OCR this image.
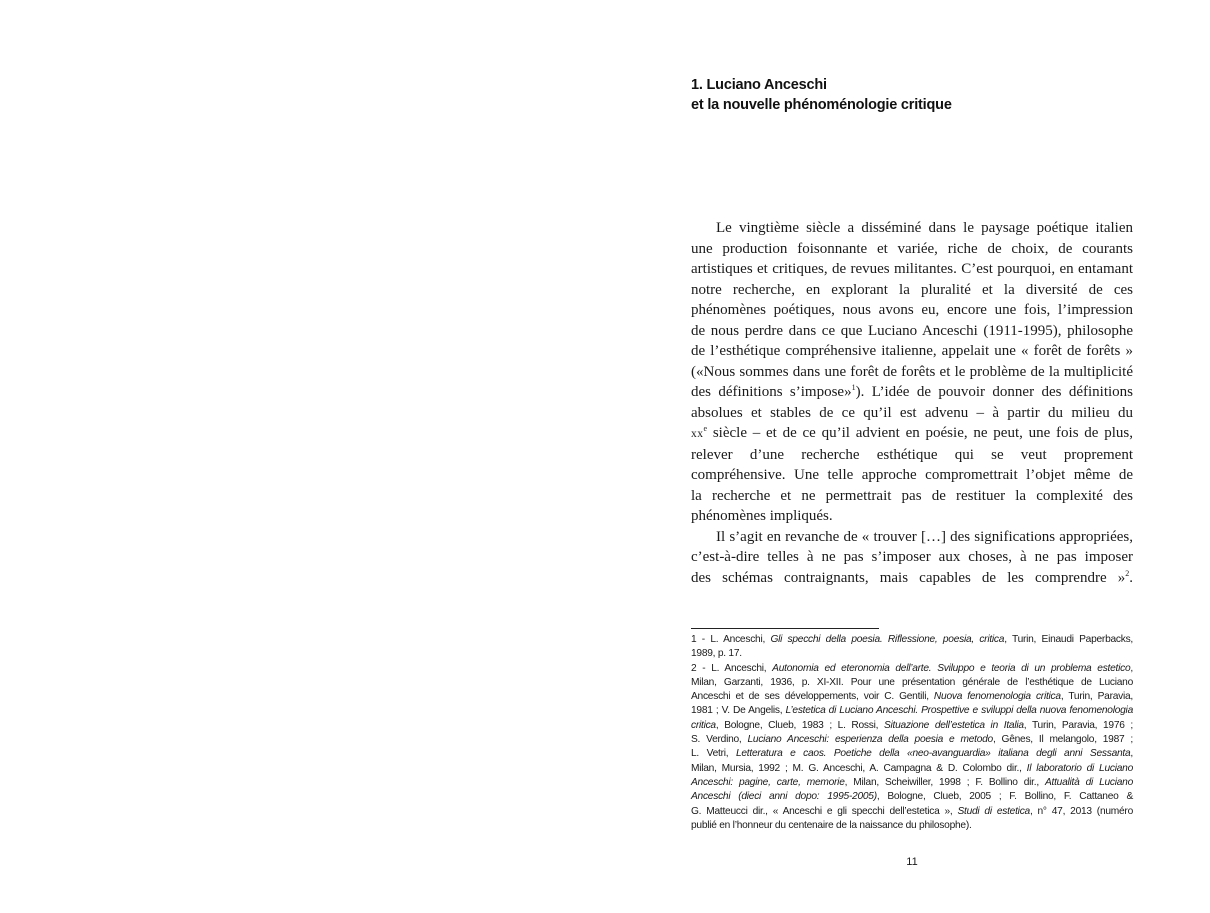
1. Luciano Anceschi
et la nouvelle phénoménologie critique

Le vingtième siècle a disséminé dans le paysage poétique italien
une production foisonnante et variée, riche de choix, de courants
artistiques et critiques, de revues militantes. C’est pourquoi, en entamant
notre recherche, en explorant la pluralité et la diversité de ces
phénomènes poétiques, nous avons eu, encore une fois, l’impression
de nous perdre dans ce que Luciano Anceschi (1911-1995), philosophe
de l’esthétique compréhensive italienne, appelait une « forêt de forêts »
(«Nous sommes dans une forêt de forêts et le problème de la multiplicité
des définitions s’impose»$^1$). L’idée de pouvoir donner des définitions
absolues et stables de ce qu’il est advenu – à partir du milieu du
$xx^e$ siècle – et de ce qu’il advient en poésie, ne peut, une fois de plus,
relever d’une recherche esthétique qui se veut proprement
compréhensive. Une telle approche compromettrait l’objet même de
la recherche et ne permettrait pas de restituer la complexité des
phénomènes impliqués.

Il s’agit en revanche de « trouver […] des significations appropriées,
c’est-à-dire telles à ne pas s’imposer aux choses, à ne pas imposer
des schémas contraignants, mais capables de les comprendre »$^2$.

1 - L. Anceschi, Gli specchi della poesia. Riflessione, poesia, critica, Turin, Einaudi Paperbacks,
1989, p. 17.
2 - L. Anceschi, Autonomia ed eteronomia dell’arte. Sviluppo e teoria di un problema estetico,
Milan, Garzanti, 1936, p. XI-XII. Pour une présentation générale de l’esthétique de Luciano
Anceschi et de ses développements, voir C. Gentili, Nuova fenomenologia critica, Turin, Paravia,
1981 ; V. De Angelis, L’estetica di Luciano Anceschi. Prospettive e sviluppi della nuova fenomenologia
critica, Bologne, Clueb, 1983 ; L. Rossi, Situazione dell’estetica in Italia, Turin, Paravia, 1976 ;
S. Verdino, Luciano Anceschi: esperienza della poesia e metodo, Gênes, Il melangolo, 1987 ;
L. Vetri, Letteratura e caos. Poetiche della «neo-avanguardia» italiana degli anni Sessanta,
Milan, Mursia, 1992 ; M. G. Anceschi, A. Campagna & D. Colombo dir., Il laboratorio di Luciano
Anceschi: pagine, carte, memorie, Milan, Scheiwiller, 1998 ; F. Bollino dir., Attualità di Luciano
Anceschi (dieci anni dopo: 1995-2005), Bologne, Clueb, 2005 ; F. Bollino, F. Cattaneo &
G. Matteucci dir., « Anceschi e gli specchi dell’estetica », Studi di estetica, n° 47, 2013 (numéro
publié en l’honneur du centenaire de la naissance du philosophe).
11
